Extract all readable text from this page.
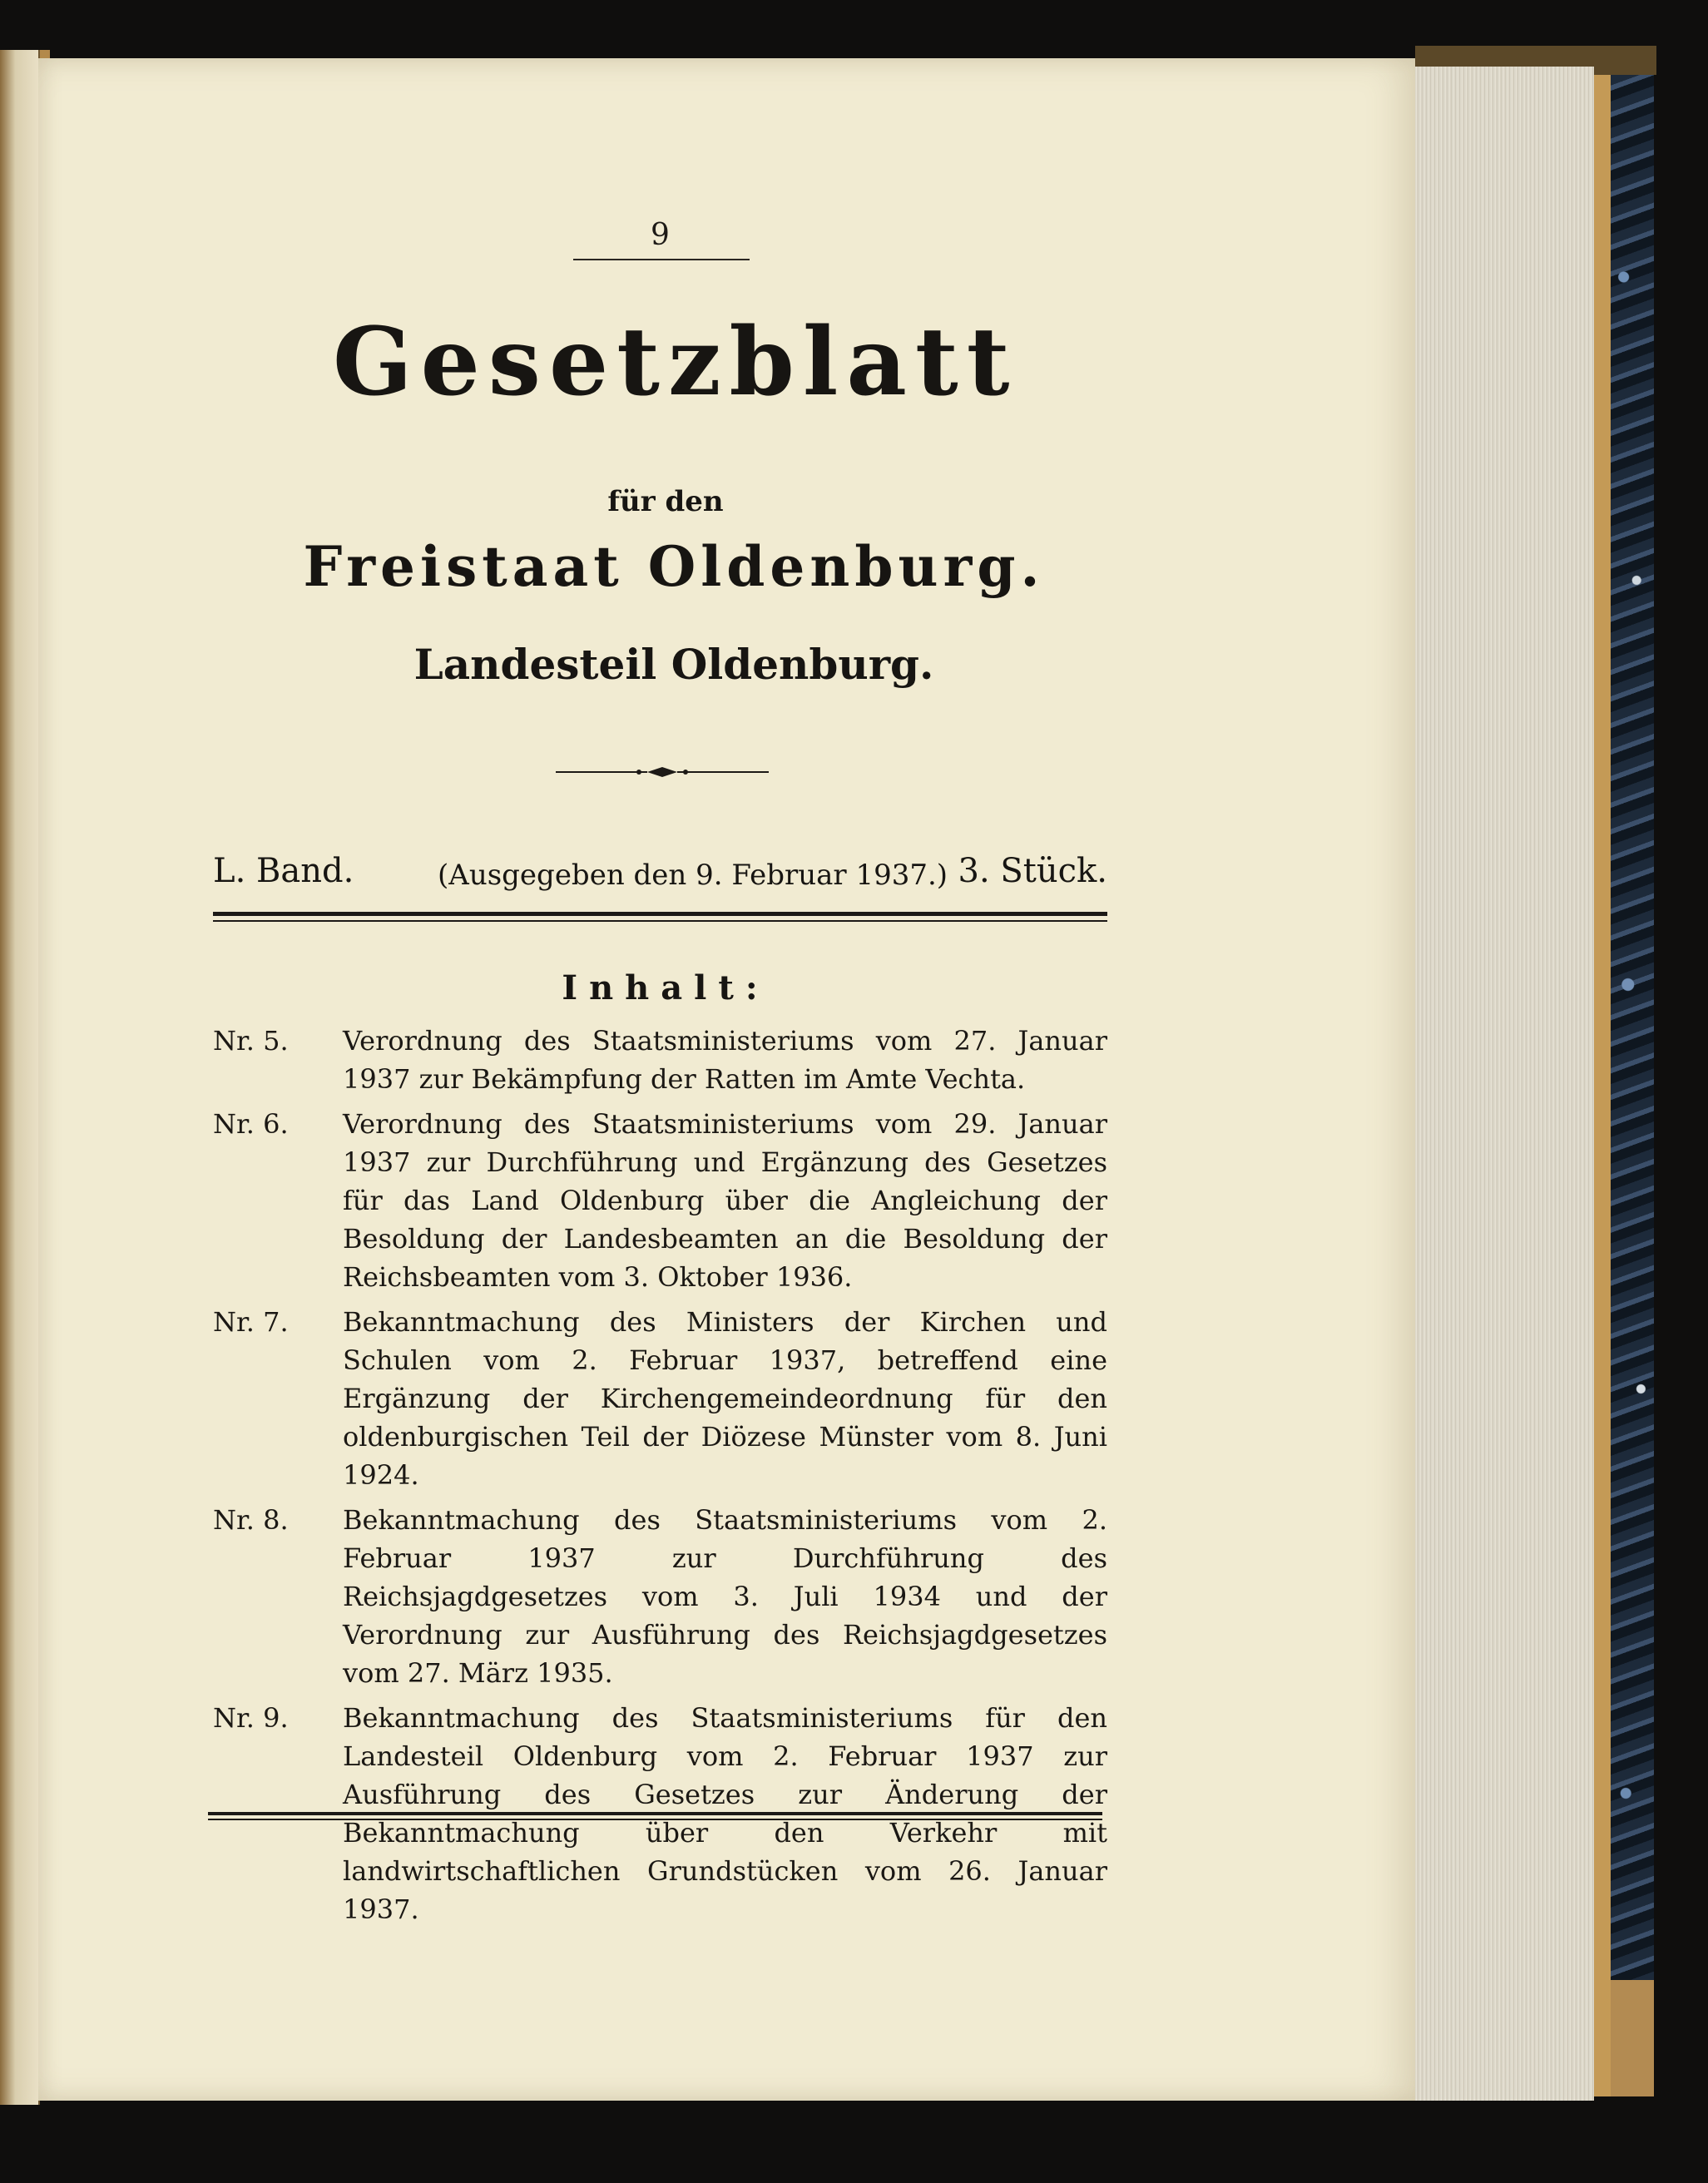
9
Gesetzblatt
für den
Freistaat Oldenburg.
Landesteil Oldenburg.
L. Band.	(Ausgegeben den 9. Februar 1937.) 3. Stück.
Inhalt:
Nr. 5.	Verordnung des Staatsministeriums vom 27. Januar 1937 zur Bekämpfung der Ratten im Amte Vechta.
Nr. 6.	Verordnung des Staatsministeriums vom 29. Januar 1937 zur Durchführung und Ergänzung des Gesetzes für das Land Oldenburg über die Angleichung der Besoldung der Landesbeamten an die Besoldung der Reichsbeamten vom 3. Oktober 1936.
Nr. 7.	Bekanntmachung des Ministers der Kirchen und Schulen vom 2. Februar 1937, betreffend eine Ergänzung der Kirchengemeindeordnung für den oldenburgischen Teil der Diözese Münster vom 8. Juni 1924.
Nr. 8.	Bekanntmachung des Staatsministeriums vom 2. Februar 1937 zur Durchführung des Reichsjagdgesetzes vom 3. Juli 1934 und der Verordnung zur Ausführung des Reichsjagdgesetzes vom 27. März 1935.
Nr. 9.	Bekanntmachung des Staatsministeriums für den Landesteil Oldenburg vom 2. Februar 1937 zur Ausführung des Gesetzes zur Änderung der Bekanntmachung über den Verkehr mit landwirtschaftlichen Grundstücken vom 26. Januar 1937.
